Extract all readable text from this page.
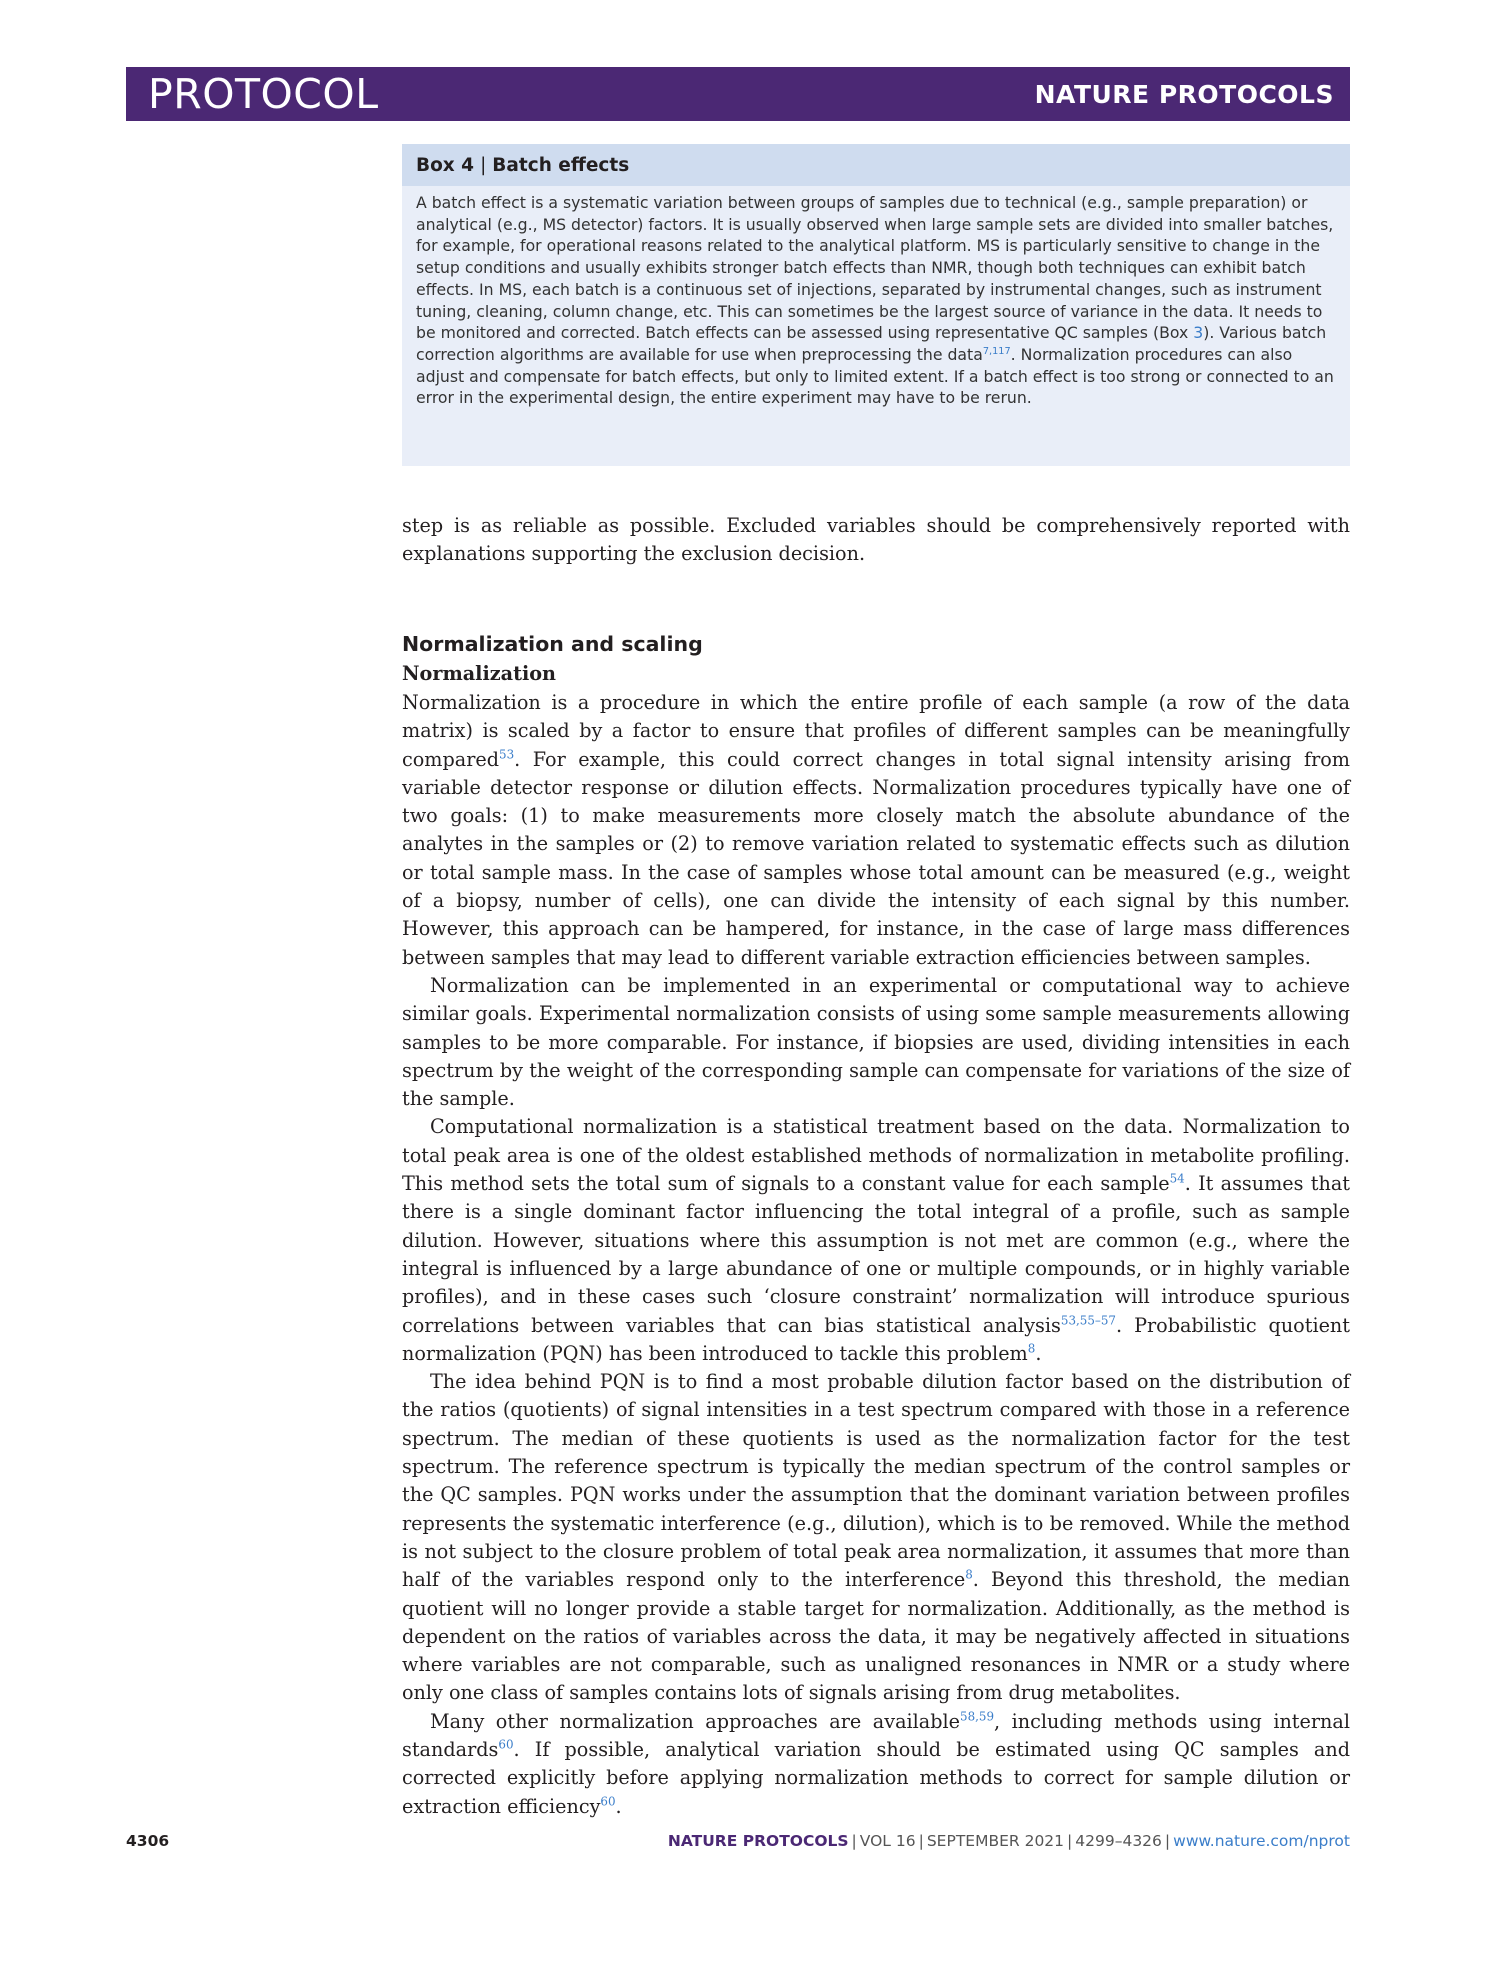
PROTOCOL	NATURE PROTOCOLS
Box 4 | Batch effects
A batch effect is a systematic variation between groups of samples due to technical (e.g., sample preparation) or analytical (e.g., MS detector) factors. It is usually observed when large sample sets are divided into smaller batches, for example, for operational reasons related to the analytical platform. MS is particularly sensitive to change in the setup conditions and usually exhibits stronger batch effects than NMR, though both techniques can exhibit batch effects. In MS, each batch is a continuous set of injections, separated by instrumental changes, such as instrument tuning, cleaning, column change, etc. This can sometimes be the largest source of variance in the data. It needs to be monitored and corrected. Batch effects can be assessed using representative QC samples (Box 3). Various batch correction algorithms are available for use when preprocessing the data$^{7,117}$. Normalization procedures can also adjust and compensate for batch effects, but only to limited extent. If a batch effect is too strong or connected to an error in the experimental design, the entire experiment may have to be rerun.

step is as reliable as possible. Excluded variables should be comprehensively reported with explanations supporting the exclusion decision.

Normalization and scaling
Normalization

Normalization is a procedure in which the entire profile of each sample (a row of the data matrix) is scaled by a factor to ensure that profiles of different samples can be meaningfully compared$^{53}$. For example, this could correct changes in total signal intensity arising from variable detector response or dilution effects. Normalization procedures typically have one of two goals: (1) to make measurements more closely match the absolute abundance of the analytes in the samples or (2) to remove variation related to systematic effects such as dilution or total sample mass. In the case of samples whose total amount can be measured (e.g., weight of a biopsy, number of cells), one can divide the intensity of each signal by this number. However, this approach can be hampered, for instance, in the case of large mass differences between samples that may lead to different variable extraction efficiencies between samples.

Normalization can be implemented in an experimental or computational way to achieve similar goals. Experimental normalization consists of using some sample measurements allowing samples to be more comparable. For instance, if biopsies are used, dividing intensities in each spectrum by the weight of the corresponding sample can compensate for variations of the size of the sample.

Computational normalization is a statistical treatment based on the data. Normalization to total peak area is one of the oldest established methods of normalization in metabolite profiling. This method sets the total sum of signals to a constant value for each sample$^{54}$. It assumes that there is a single dominant factor influencing the total integral of a profile, such as sample dilution. However, situations where this assumption is not met are common (e.g., where the integral is influenced by a large abundance of one or multiple compounds, or in highly variable profiles), and in these cases such ‘closure constraint’ normalization will introduce spurious correlations between variables that can bias statistical analysis$^{53,55-57}$. Probabilistic quotient normalization (PQN) has been introduced to tackle this problem$^8$.

The idea behind PQN is to find a most probable dilution factor based on the distribution of the ratios (quotients) of signal intensities in a test spectrum compared with those in a reference spectrum. The median of these quotients is used as the normalization factor for the test spectrum. The reference spectrum is typically the median spectrum of the control samples or the QC samples. PQN works under the assumption that the dominant variation between profiles represents the systematic interference (e.g., dilution), which is to be removed. While the method is not subject to the closure problem of total peak area normalization, it assumes that more than half of the variables respond only to the interference$^8$. Beyond this threshold, the median quotient will no longer provide a stable target for normalization. Additionally, as the method is dependent on the ratios of variables across the data, it may be negatively affected in situations where variables are not comparable, such as unaligned resonances in NMR or a study where only one class of samples contains lots of signals arising from drug metabolites.

Many other normalization approaches are available$^{58,59}$, including methods using internal standards$^{60}$. If possible, analytical variation should be estimated using QC samples and corrected explicitly before applying normalization methods to correct for sample dilution or extraction efficiency$^{60}$.

4306	NATURE PROTOCOLS | VOL 16 | SEPTEMBER 2021 | 4299–4326 | www.nature.com/nprot
